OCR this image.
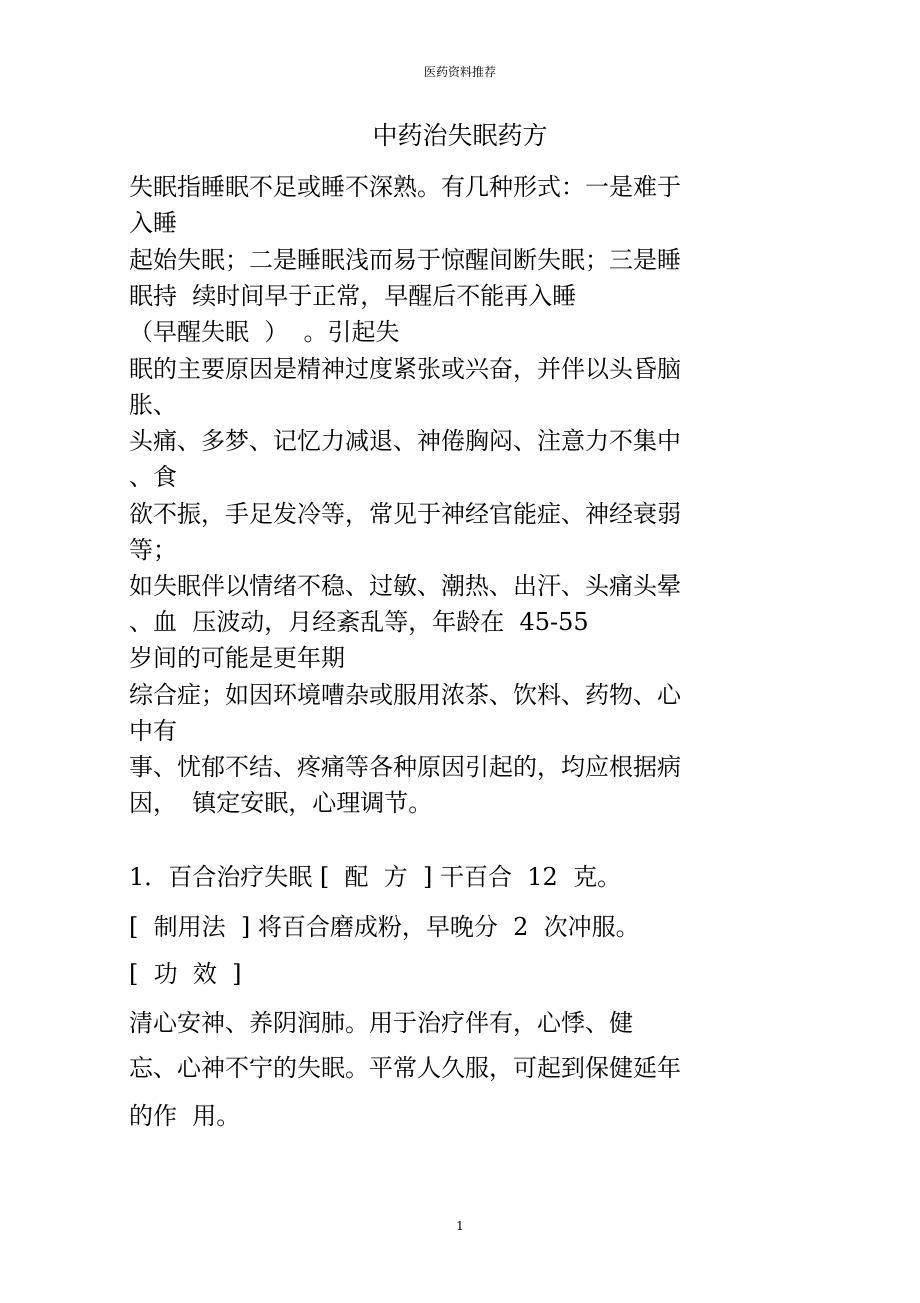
医药资料推荐
中药治失眠药方
失眠指睡眠不足或睡不深熟。有几种形式：一是难于
入睡
起始失眠；二是睡眠浅而易于惊醒间断失眠；三是睡
眠持  续时间早于正常，早醒后不能再入睡
（早醒失眠  ）  。引起失
眠的主要原因是精神过度紧张或兴奋，并伴以头昏脑
胀、
头痛、多梦、记忆力减退、神倦胸闷、注意力不集中
、食
欲不振，手足发冷等，常见于神经官能症、神经衰弱
等；
如失眠伴以情绪不稳、过敏、潮热、出汗、头痛头晕
、血  压波动，月经紊乱等，年龄在  45-55
岁间的可能是更年期
综合症；如因环境嘈杂或服用浓茶、饮料、药物、心
中有
事、忧郁不结、疼痛等各种原因引起的，均应根据病
因，  镇定安眠，心理调节。
1．百合治疗失眠 [  配  方  ] 干百合  12  克。
[  制用法  ] 将百合磨成粉，早晚分  2  次冲服。
[  功  效  ]
清心安神、养阴润肺。用于治疗伴有，心悸、健
忘、心神不宁的失眠。平常人久服，可起到保健延年
的作  用。
1
